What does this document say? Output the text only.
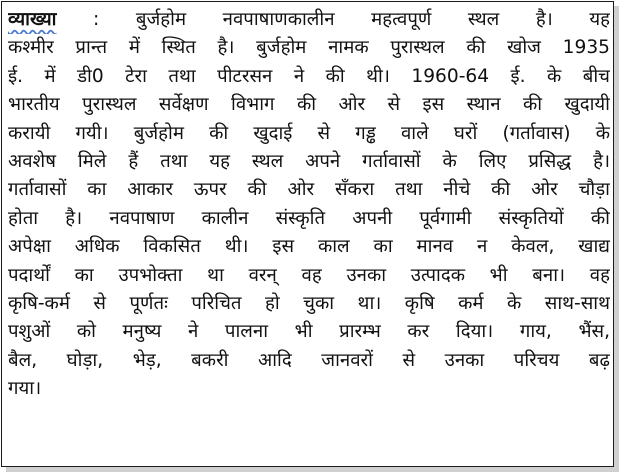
व्याख्या : बुर्जहोम नवपाषाणकालीन महत्वपूर्ण स्थल है। यह
कश्मीर प्रान्त में स्थित है। बुर्जहोम नामक पुरास्थल की खोज 1935
ई. में डी0 टेरा तथा पीटरसन ने की थी। 1960-64 ई. के बीच
भारतीय पुरास्थल सर्वेक्षण विभाग की ओर से इस स्थान की खुदायी
करायी गयी। बुर्जहोम की खुदाई से गड्ढ वाले घरों (गर्तावास) के
अवशेष मिले हैं तथा यह स्थल अपने गर्तावासों के लिए प्रसिद्ध है।
गर्तावासों का आकार ऊपर की ओर सँकरा तथा नीचे की ओर चौड़ा
होता है। नवपाषाण कालीन संस्कृति अपनी पूर्वगामी संस्कृतियों की
अपेक्षा अधिक विकसित थी। इस काल का मानव न केवल, खाद्य
पदार्थों का उपभोक्ता था वरन् वह उनका उत्पादक भी बना। वह
कृषि-कर्म से पूर्णतः परिचित हो चुका था। कृषि कर्म के साथ-साथ
पशुओं को मनुष्य ने पालना भी प्रारम्भ कर दिया। गाय, भैंस,
बैल, घोड़ा, भेड़, बकरी आदि जानवरों से उनका परिचय बढ़
गया।
